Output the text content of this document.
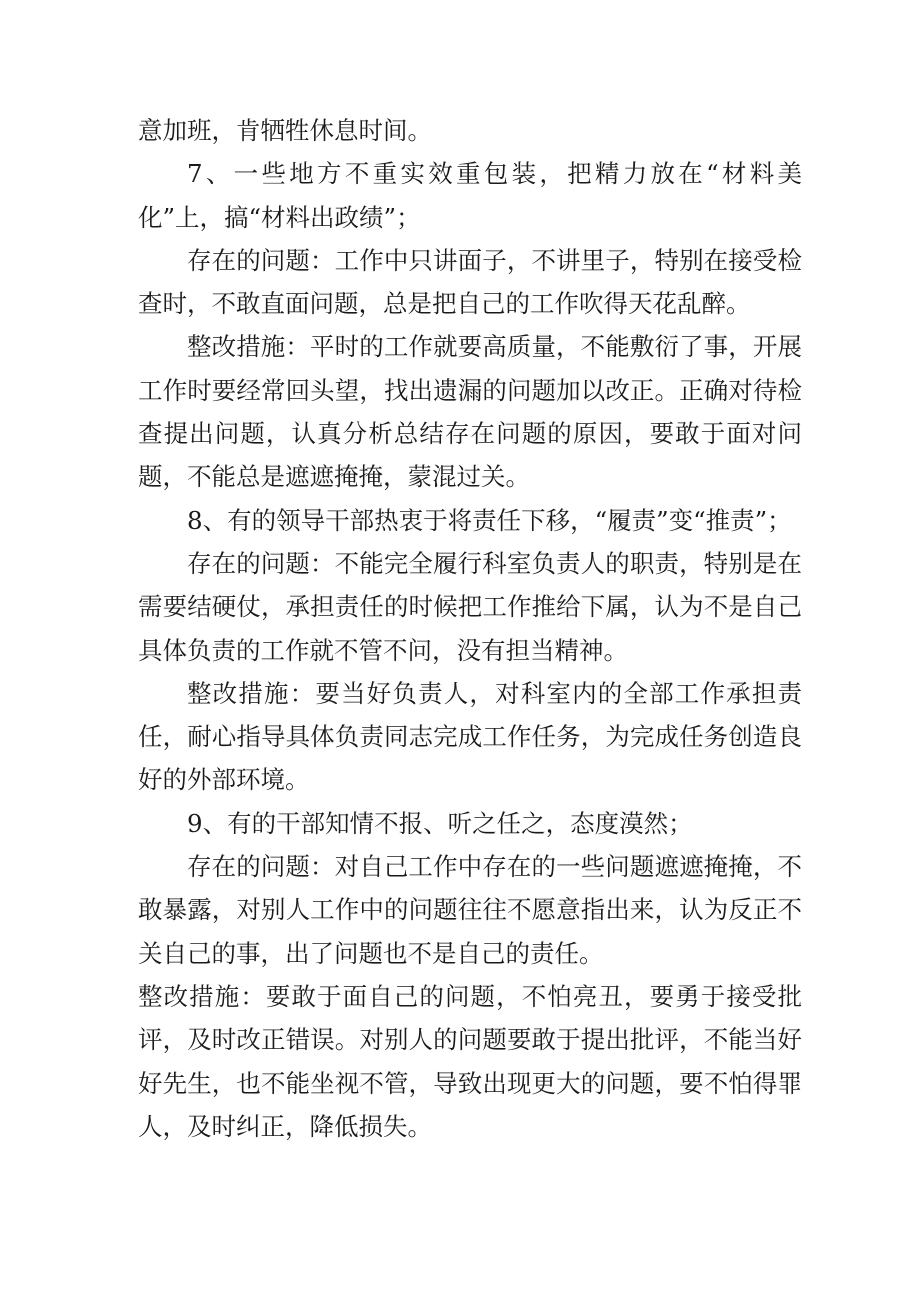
意加班，肯牺牲休息时间。

7、一些地方不重实效重包装，把精力放在“材料美化”上，搞“材料出政绩”；

存在的问题：工作中只讲面子，不讲里子，特别在接受检查时，不敢直面问题，总是把自己的工作吹得天花乱醉。

整改措施：平时的工作就要高质量，不能敷衍了事，开展工作时要经常回头望，找出遗漏的问题加以改正。正确对待检查提出问题，认真分析总结存在问题的原因，要敢于面对问题，不能总是遮遮掩掩，蒙混过关。

8、有的领导干部热衷于将责任下移，“履责”变“推责”；

存在的问题：不能完全履行科室负责人的职责，特别是在需要结硬仗，承担责任的时候把工作推给下属，认为不是自己具体负责的工作就不管不问，没有担当精神。

整改措施：要当好负责人，对科室内的全部工作承担责任，耐心指导具体负责同志完成工作任务，为完成任务创造良好的外部环境。

9、有的干部知情不报、听之任之，态度漠然；

存在的问题：对自己工作中存在的一些问题遮遮掩掩，不敢暴露，对别人工作中的问题往往不愿意指出来，认为反正不关自己的事，出了问题也不是自己的责任。

整改措施：要敢于面自己的问题，不怕亮丑，要勇于接受批评，及时改正错误。对别人的问题要敢于提出批评，不能当好好先生，也不能坐视不管，导致出现更大的问题，要不怕得罪人，及时纠正，降低损失。
